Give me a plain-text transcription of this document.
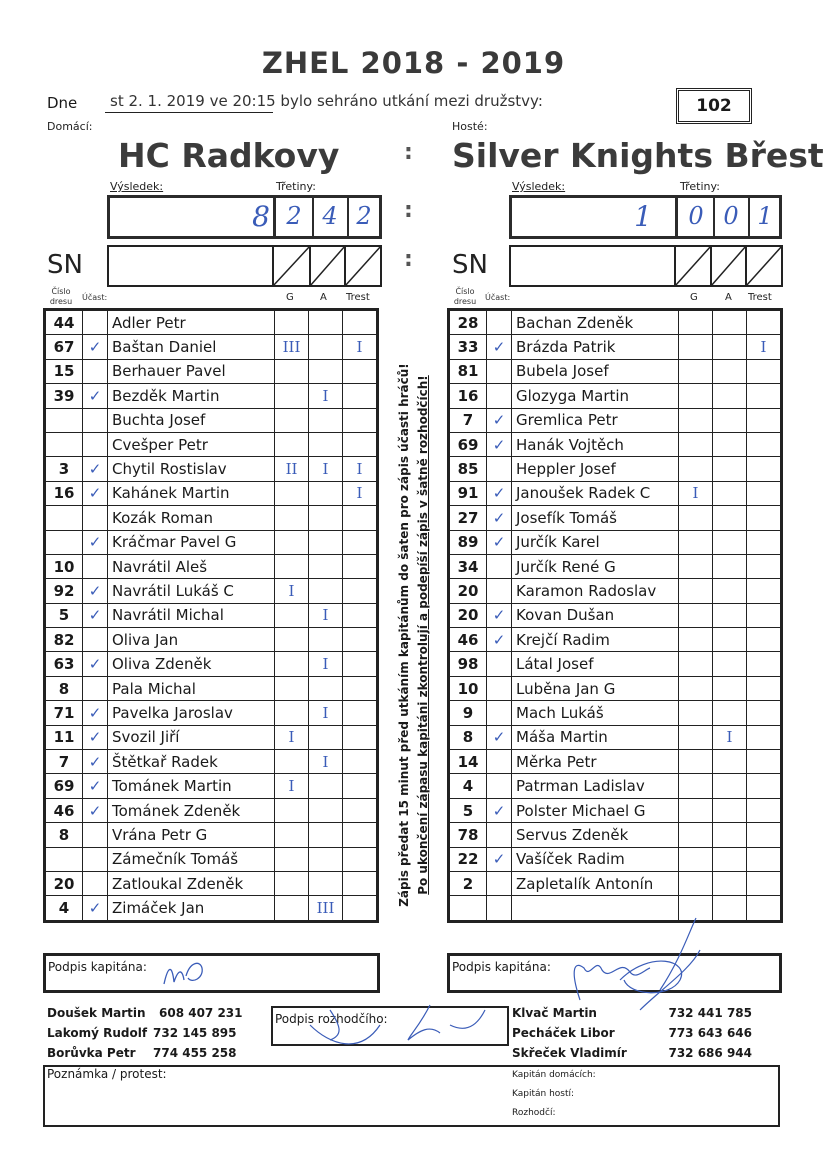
ZHEL 2018 - 2019
Dne st 2. 1. 2019 ve 20:15 bylo sehráno utkání mezi družstvy:	102
Domácí:
HC Radkovy
Výsledek:	Třetiny:
8 2 4 2
:
:
:
SN
Číslo dresu	Účast:	G	A Trest
44		Adler Petr			
67	✓	Baštan Daniel	III		I
15		Berhauer Pavel			
39	✓	Bezděk Martin		I	
		Buchta Josef			
		Cvešper Petr			
3	✓	Chytil Rostislav	II	I	I
16	✓	Kahánek Martin			I
		Kozák Roman			
	✓	Kráčmar Pavel G			
10		Navrátil Aleš			
92	✓	Navrátil Lukáš C	I		
5	✓	Navrátil Michal		I	
82		Oliva Jan			
63	✓	Oliva Zdeněk		I	
8		Pala Michal			
71	✓	Pavelka Jaroslav		I	
11	✓	Svozil Jiří	I		
7	✓	Štětkař Radek		I	
69	✓	Tománek Martin	I		
46	✓	Tománek Zdeněk			
8		Vrána Petr G			
		Zámečník Tomáš			
20		Zatloukal Zdeněk			
4	✓	Zimáček Jan		III	
Hosté:
Silver Knights Břest
Výsledek:	Třetiny:
1	0 0 1
SN
Číslo dresu	Účast:	G	A Trest
28		Bachan Zdeněk			
33	✓	Brázda Patrik			I
81		Bubela Josef			
16		Glozyga Martin			
7	✓	Gremlica Petr			
69	✓	Hanák Vojtěch			
85		Heppler Josef			
91	✓	Janoušek Radek C	I		
27	✓	Josefík Tomáš			
89	✓	Jurčík Karel			
34		Jurčík René G			
20		Karamon Radoslav			
20	✓	Kovan Dušan			
46	✓	Krejčí Radim			
98		Látal Josef			
10		Luběna Jan G			
9		Mach Lukáš			
8	✓	Máša Martin		I	
14		Měrka Petr			
4		Patrman Ladislav			
5	✓	Polster Michael G			
78		Servus Zdeněk			
22	✓	Vašíček Radim			
2		Zapletalík Antonín			

Zápis předat 15 minut před utkáním kapitánům do šaten pro zápis účasti hráčů! Po ukončení zápasu kapitáni zkontrolují a podepíší zápis v šatně rozhodčích!
Podpis kapitána:	Podpis kapitána:
Doušek Martin 608 407 231
Lakomý Rudolf 732 145 895
Borůvka Petr 774 455 258
Podpis rozhodčího:	Klvač Martin	732 441 785
Pecháček Libor	773 643 646
Skřeček Vladimír	732 686 944
Poznámka / protest:	Kapitán domácích:
Kapitán hostí:
Rozhodčí:
